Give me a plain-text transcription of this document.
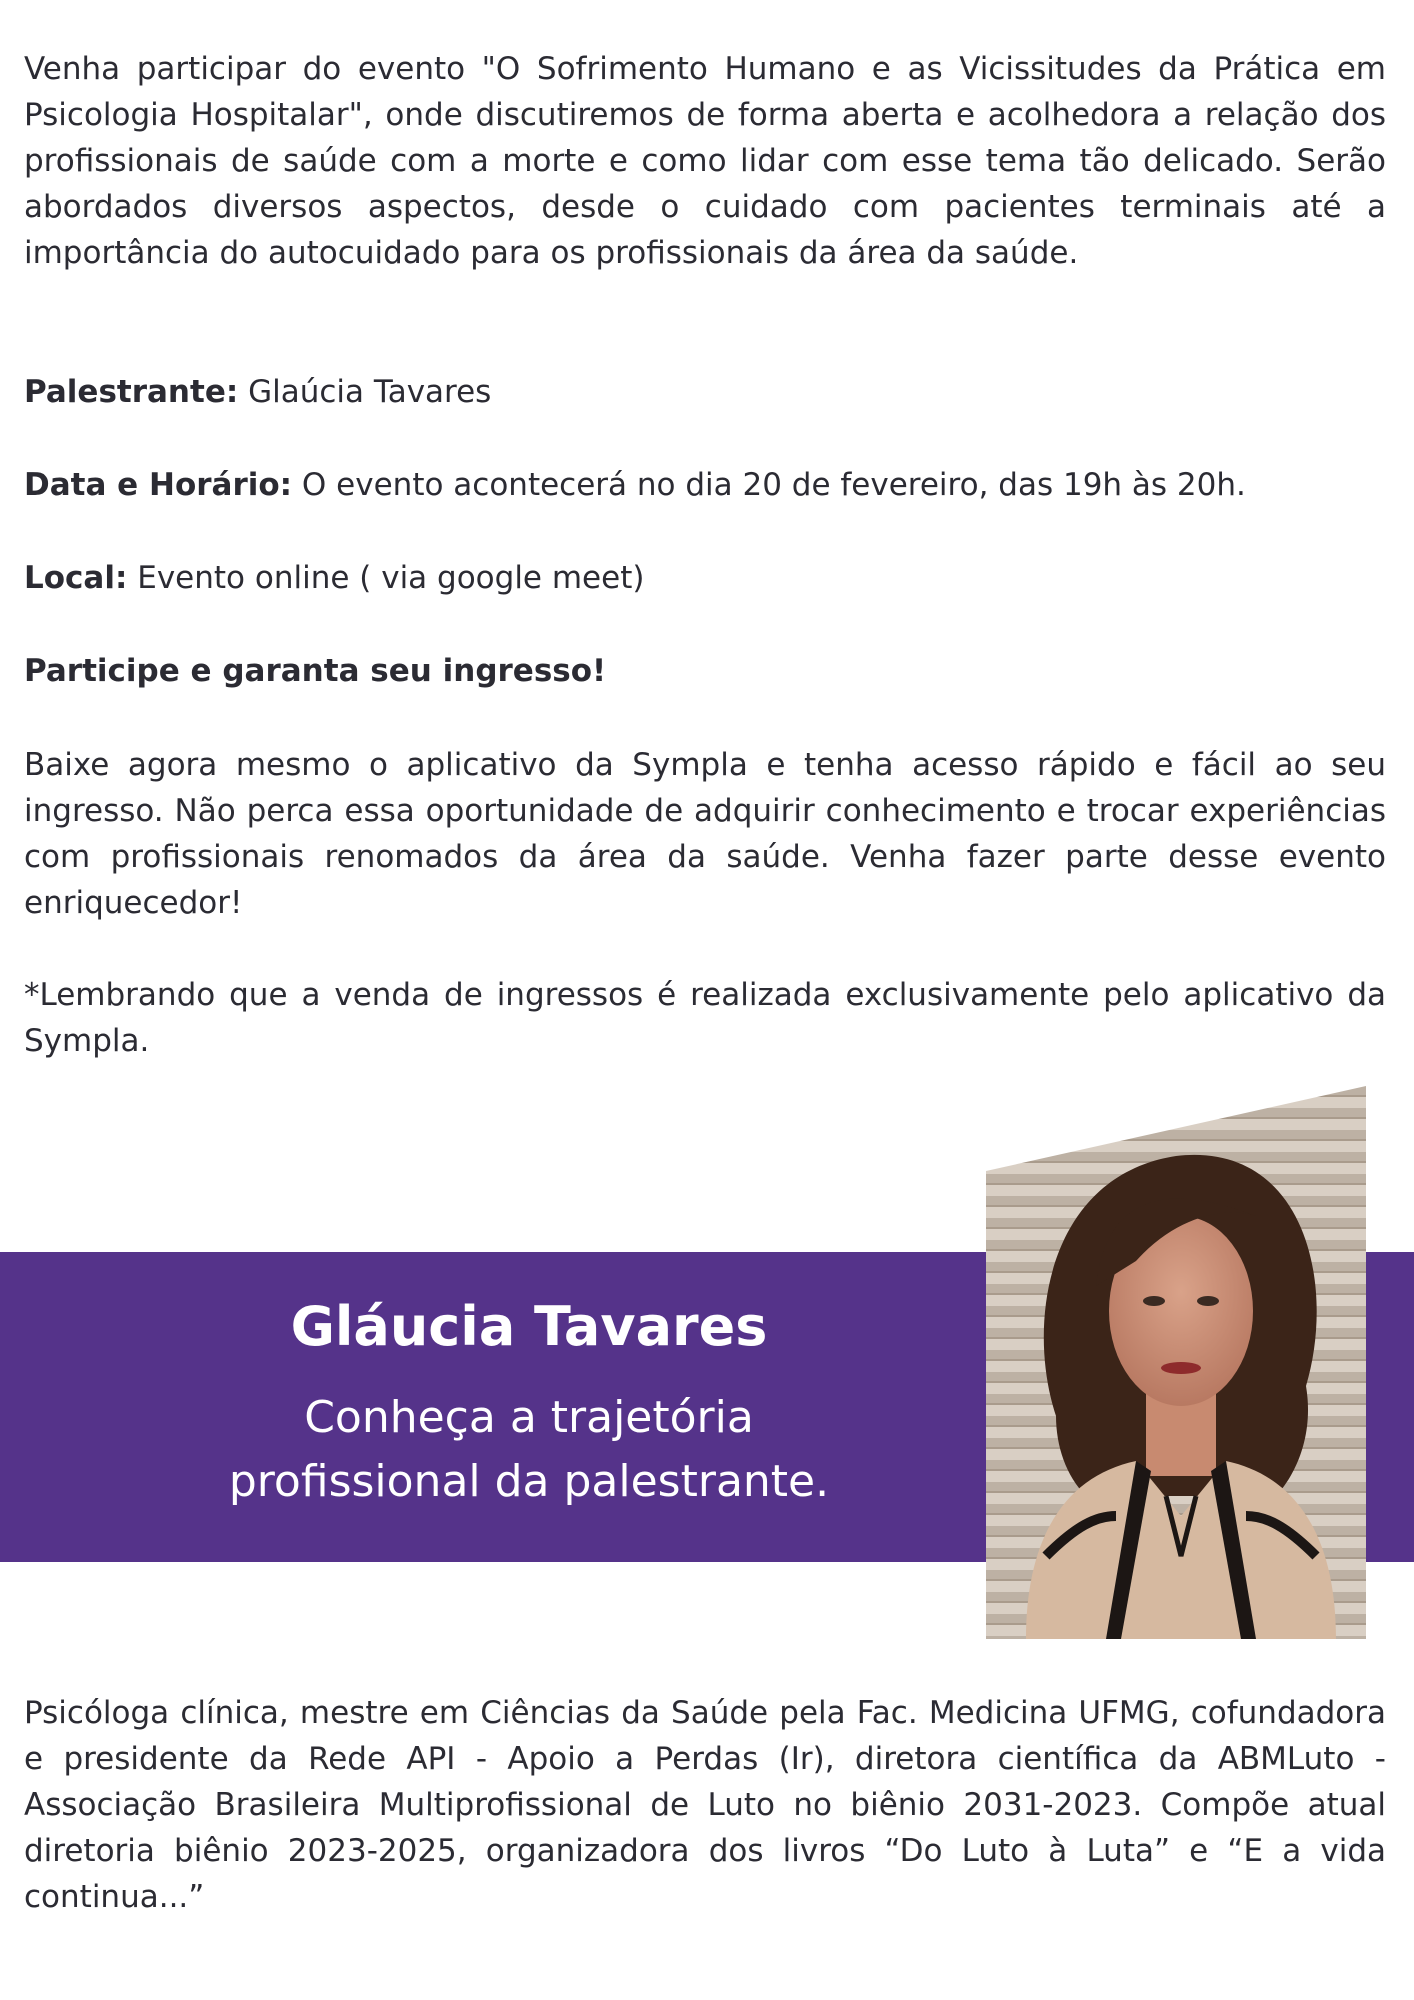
Venha participar do evento "O Sofrimento Humano e as Vicissitudes da Prática em Psicologia Hospitalar", onde discutiremos de forma aberta e acolhedora a relação dos profissionais de saúde com a morte e como lidar com esse tema tão delicado. Serão abordados diversos aspectos, desde o cuidado com pacientes terminais até a importância do autocuidado para os profissionais da área da saúde.

Palestrante: Glaúcia Tavares
Data e Horário: O evento acontecerá no dia 20 de fevereiro, das 19h às 20h.
Local: Evento online ( via google meet)
Participe e garanta seu ingresso!

Baixe agora mesmo o aplicativo da Sympla e tenha acesso rápido e fácil ao seu ingresso. Não perca essa oportunidade de adquirir conhecimento e trocar experiências com profissionais renomados da área da saúde. Venha fazer parte desse evento enriquecedor!

*Lembrando que a venda de ingressos é realizada exclusivamente pelo aplicativo da Sympla.

Gláucia Tavares
Conheça a trajetória
profissional da palestrante.

Psicóloga clínica, mestre em Ciências da Saúde pela Fac. Medicina UFMG, cofundadora e presidente da Rede API - Apoio a Perdas (Ir), diretora científica da ABMLuto - Associação Brasileira Multiprofissional de Luto no biênio 2031-2023. Compõe atual diretoria biênio 2023-2025, organizadora dos livros “Do Luto à Luta” e “E a vida continua...”
